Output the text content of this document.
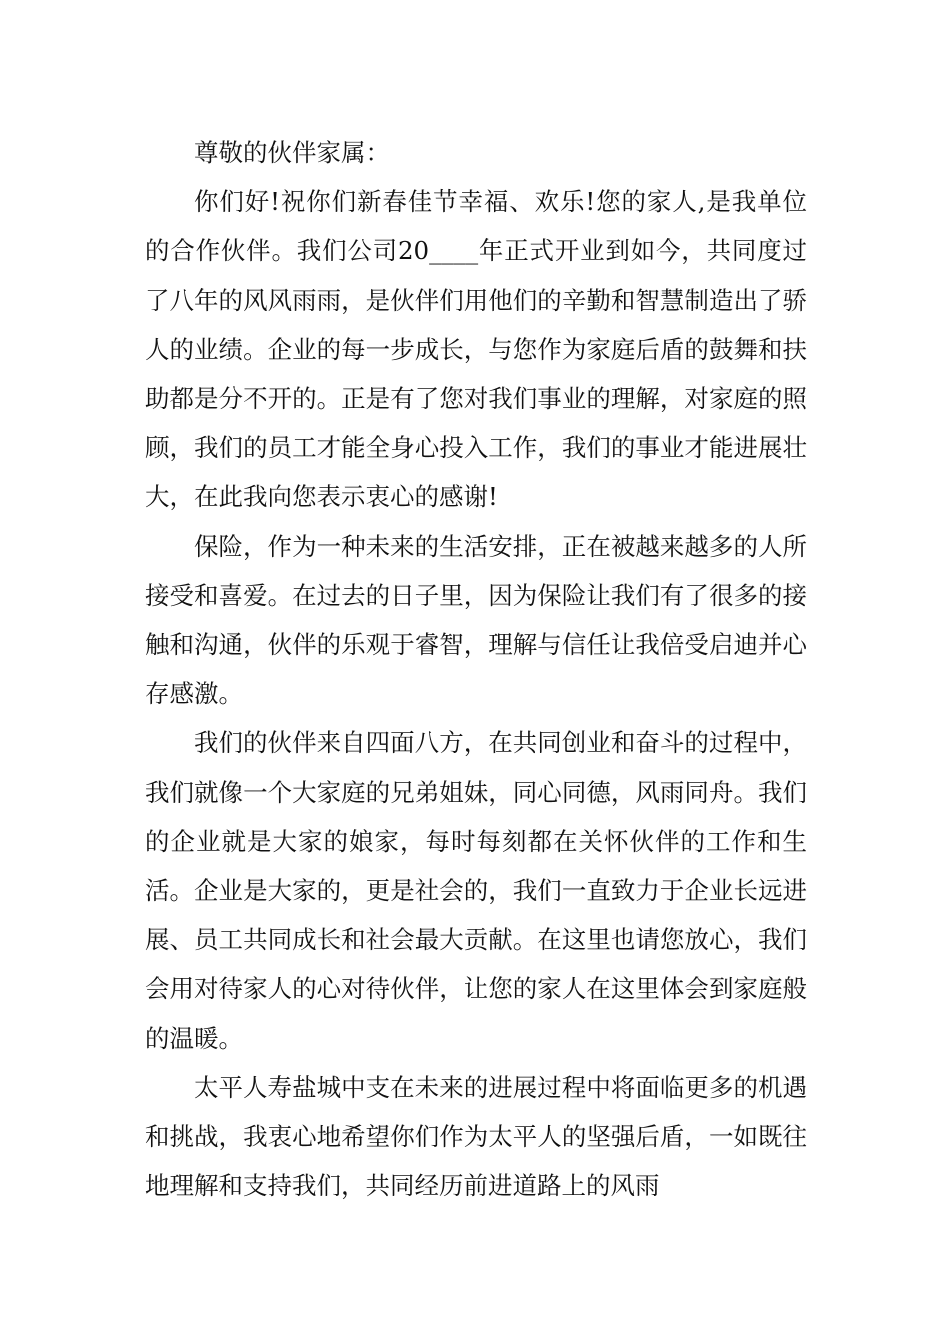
尊敬的伙伴家属：

你们好!祝你们新春佳节幸福、欢乐!您的家人,是我单位的合作伙伴。我们公司20____年正式开业到如今，共同度过了八年的风风雨雨，是伙伴们用他们的辛勤和智慧制造出了骄人的业绩。企业的每一步成长，与您作为家庭后盾的鼓舞和扶助都是分不开的。正是有了您对我们事业的理解，对家庭的照顾，我们的员工才能全身心投入工作，我们的事业才能进展壮大，在此我向您表示衷心的感谢!

保险，作为一种未来的生活安排，正在被越来越多的人所接受和喜爱。在过去的日子里，因为保险让我们有了很多的接触和沟通，伙伴的乐观于睿智，理解与信任让我倍受启迪并心存感激。

我们的伙伴来自四面八方，在共同创业和奋斗的过程中，我们就像一个大家庭的兄弟姐妹，同心同德，风雨同舟。我们的企业就是大家的娘家，每时每刻都在关怀伙伴的工作和生活。企业是大家的，更是社会的，我们一直致力于企业长远进展、员工共同成长和社会最大贡献。在这里也请您放心，我们会用对待家人的心对待伙伴，让您的家人在这里体会到家庭般的温暖。

太平人寿盐城中支在未来的进展过程中将面临更多的机遇和挑战，我衷心地希望你们作为太平人的坚强后盾，一如既往地理解和支持我们，共同经历前进道路上的风雨
